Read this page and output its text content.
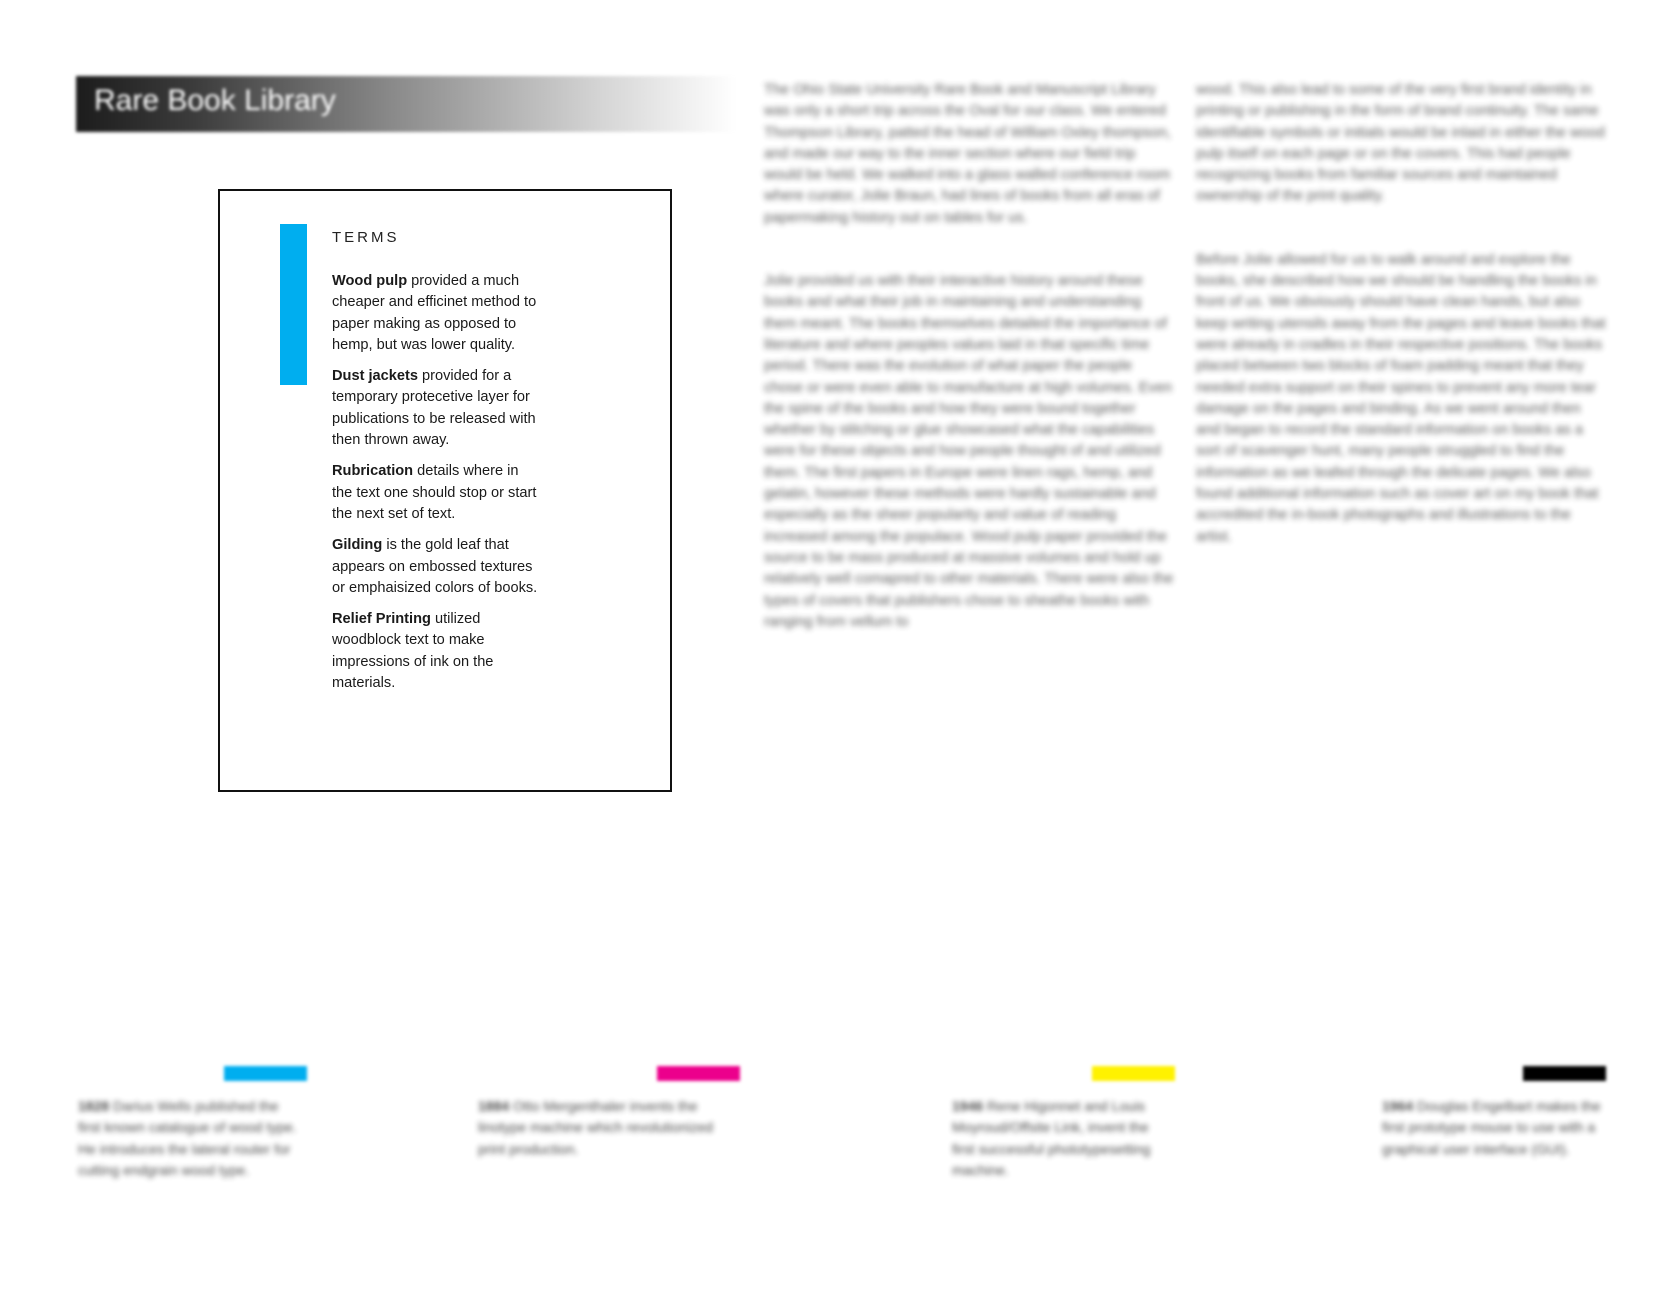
Rare Book Library
TERMS
Wood pulp provided a much cheaper and efficinet method to paper making as opposed to hemp, but was lower quality.
Dust jackets provided for a temporary protecetive layer for publications to be released with then thrown away.
Rubrication details where in the text one should stop or start the next set of text.
Gilding is the gold leaf that appears on embossed textures or emphaisized colors of books.
Relief Printing utilized woodblock text to make impressions of ink on the materials.

The Ohio State University Rare Book and Manuscript Library was only a short trip across the Oval for our class. We entered Thompson Library, patted the head of William Oxley thompson, and made our way to the inner section where our field trip would be held. We walked into a glass walled conference room where curator, Jolie Braun, had lines of books from all eras of papermaking history out on tables for us.

Jolie provided us with their interactive history around these books and what their job in maintaining and understanding them meant. The books themselves detailed the importance of literature and where peoples values laid in that specific time period. There was the evolution of what paper the people chose or were even able to manufacture at high volumes. Even the spine of the books and how they were bound together whether by stitching or glue showcased what the capabilities were for these objects and how people thought of and utilized them. The first papers in Europe were linen rags, hemp, and gelatin, however these methods were hardly sustainable and especially as the sheer popularity and value of reading increased among the populace. Wood pulp paper provided the source to be mass produced at massive volumes and hold up relatively well comapred to other materials. There were also the types of covers that publishers chose to sheathe books with ranging from vellum to

wood. This also lead to some of the very first brand identity in printing or publishing in the form of brand continuity. The same identifiable symbols or initials would be inlaid in either the wood pulp itself on each page or on the covers. This had people recognizing books from familiar sources and maintained ownership of the print quality.

Before Jolie allowed for us to walk around and explore the books, she described how we should be handling the books in front of us. We obviously should have clean hands, but also keep writing utensils away from the pages and leave books that were already in cradles in their respective positions. The books placed between two blocks of foam padding meant that they needed extra support on their spines to prevent any more tear damage on the pages and binding. As we went around then and began to record the standard information on books as a sort of scavenger hunt, many people struggled to find the information as we leafed through the delicate pages. We also found additional information such as cover art on my book that accredited the in-book photographs and illustrations to the artist.

1828 Darius Wells published the first known catalogue of wood type. He introduces the lateral router for cutting endgrain wood type.
1884 Otto Mergenthaler invents the linotype machine which revolutionized print production.
1946 Rene Higonnet and Louis Moyroud/Offsite Link, invent the first successful phototypesetting machine.
1964 Douglas Engelbart makes the first prototype mouse to use with a graphical user interface (GUI).
